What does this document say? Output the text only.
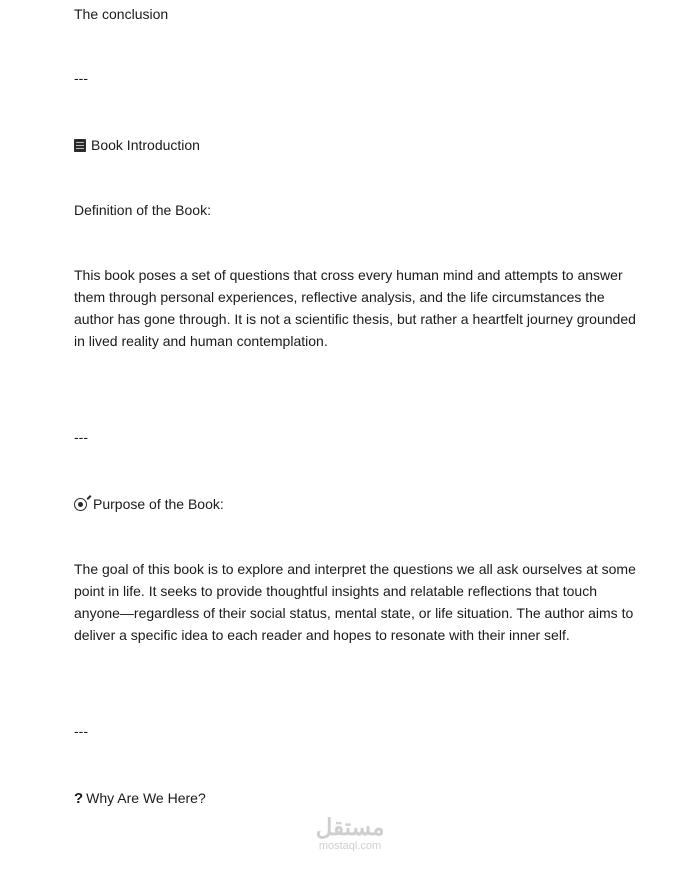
The conclusion
---
Book Introduction
Definition of the Book:
This book poses a set of questions that cross every human mind and attempts to answer
them through personal experiences, reflective analysis, and the life circumstances the
author has gone through. It is not a scientific thesis, but rather a heartfelt journey grounded
in lived reality and human contemplation.
---
Purpose of the Book:
The goal of this book is to explore and interpret the questions we all ask ourselves at some
point in life. It seeks to provide thoughtful insights and relatable reflections that touch
anyone—regardless of their social status, mental state, or life situation. The author aims to
deliver a specific idea to each reader and hopes to resonate with their inner self.
---
? Why Are We Here?
مستقل
mostaql.com
